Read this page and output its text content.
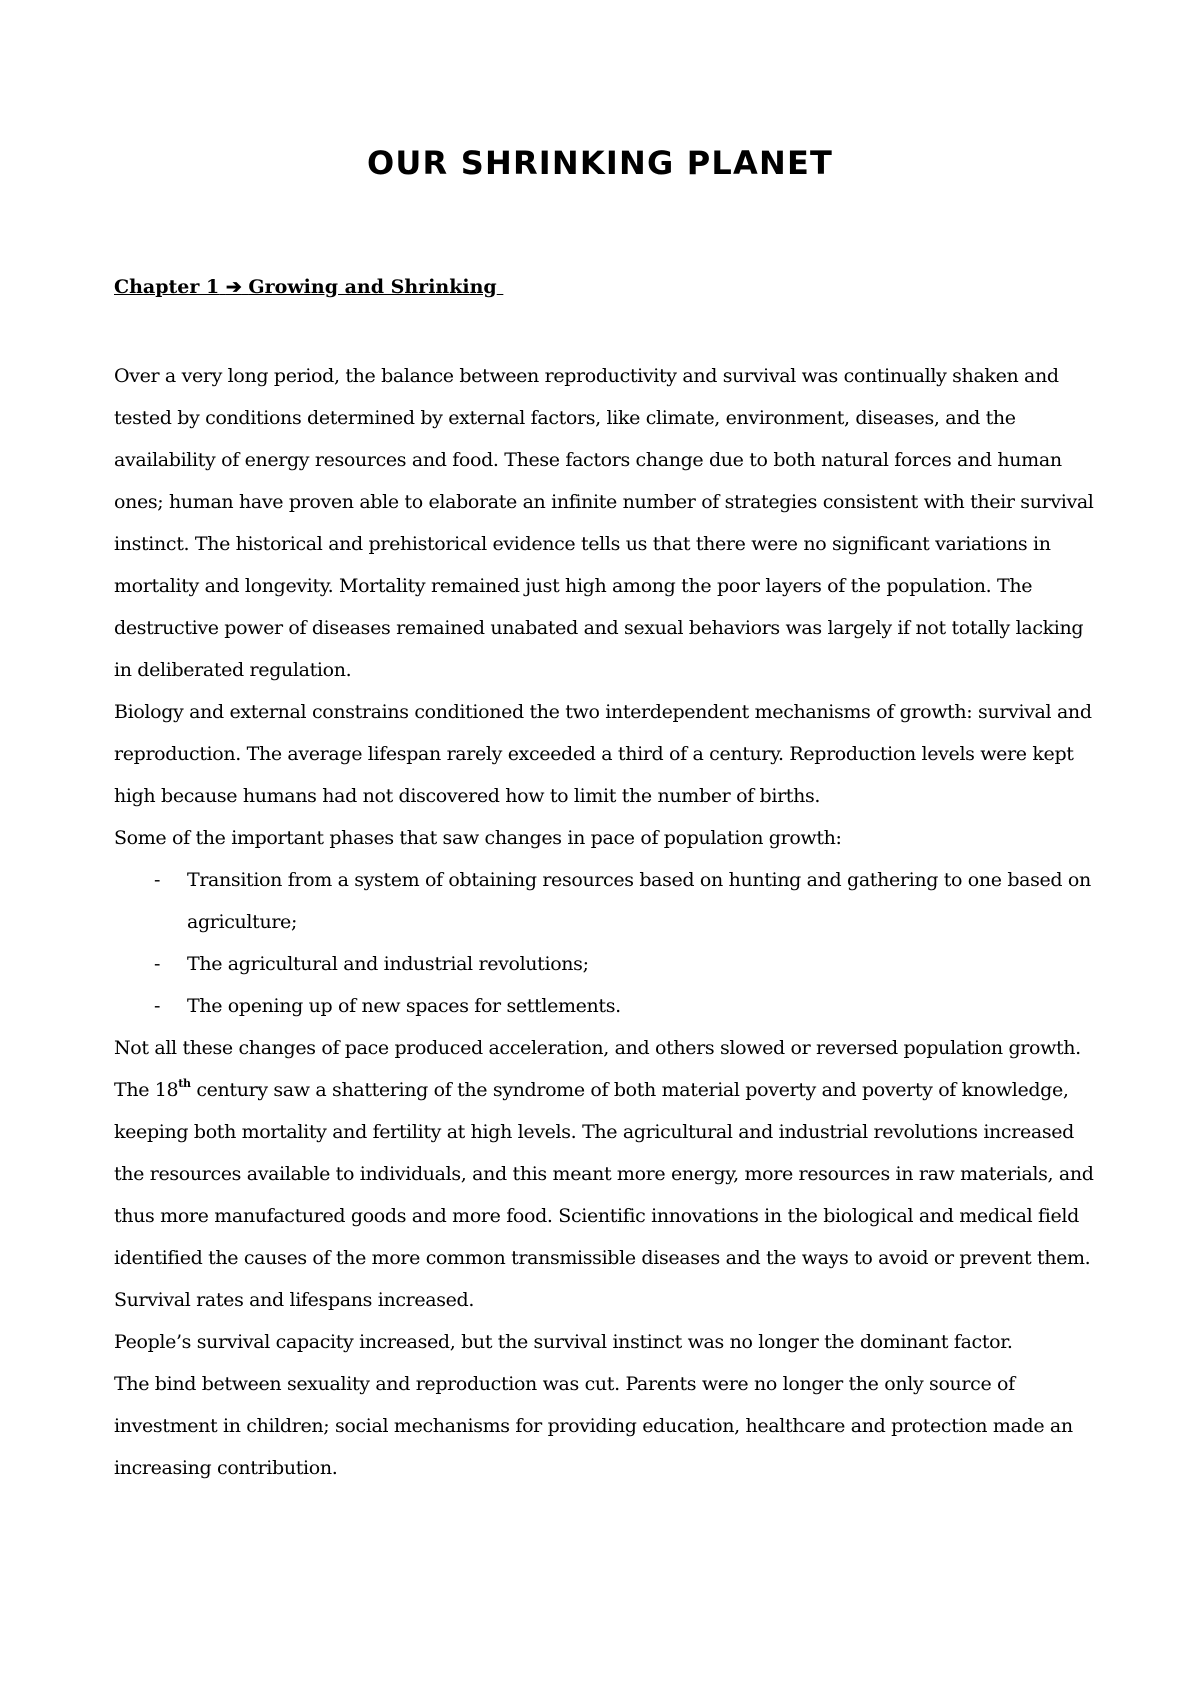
OUR SHRINKING PLANET
Chapter 1 ➔ Growing and Shrinking

Over a very long period, the balance between reproductivity and survival was continually shaken and tested by conditions determined by external factors, like climate, environment, diseases, and the availability of energy resources and food. These factors change due to both natural forces and human ones; human have proven able to elaborate an infinite number of strategies consistent with their survival instinct. The historical and prehistorical evidence tells us that there were no significant variations in mortality and longevity. Mortality remained just high among the poor layers of the population. The destructive power of diseases remained unabated and sexual behaviors was largely if not totally lacking in deliberated regulation.

Biology and external constrains conditioned the two interdependent mechanisms of growth: survival and reproduction. The average lifespan rarely exceeded a third of a century. Reproduction levels were kept high because humans had not discovered how to limit the number of births.

Some of the important phases that saw changes in pace of population growth:

- Transition from a system of obtaining resources based on hunting and gathering to one based on agriculture;
- The agricultural and industrial revolutions;
- The opening up of new spaces for settlements.

Not all these changes of pace produced acceleration, and others slowed or reversed population growth.

The 18th century saw a shattering of the syndrome of both material poverty and poverty of knowledge, keeping both mortality and fertility at high levels. The agricultural and industrial revolutions increased the resources available to individuals, and this meant more energy, more resources in raw materials, and thus more manufactured goods and more food. Scientific innovations in the biological and medical field identified the causes of the more common transmissible diseases and the ways to avoid or prevent them. Survival rates and lifespans increased.

People’s survival capacity increased, but the survival instinct was no longer the dominant factor.

The bind between sexuality and reproduction was cut. Parents were no longer the only source of investment in children; social mechanisms for providing education, healthcare and protection made an increasing contribution.
